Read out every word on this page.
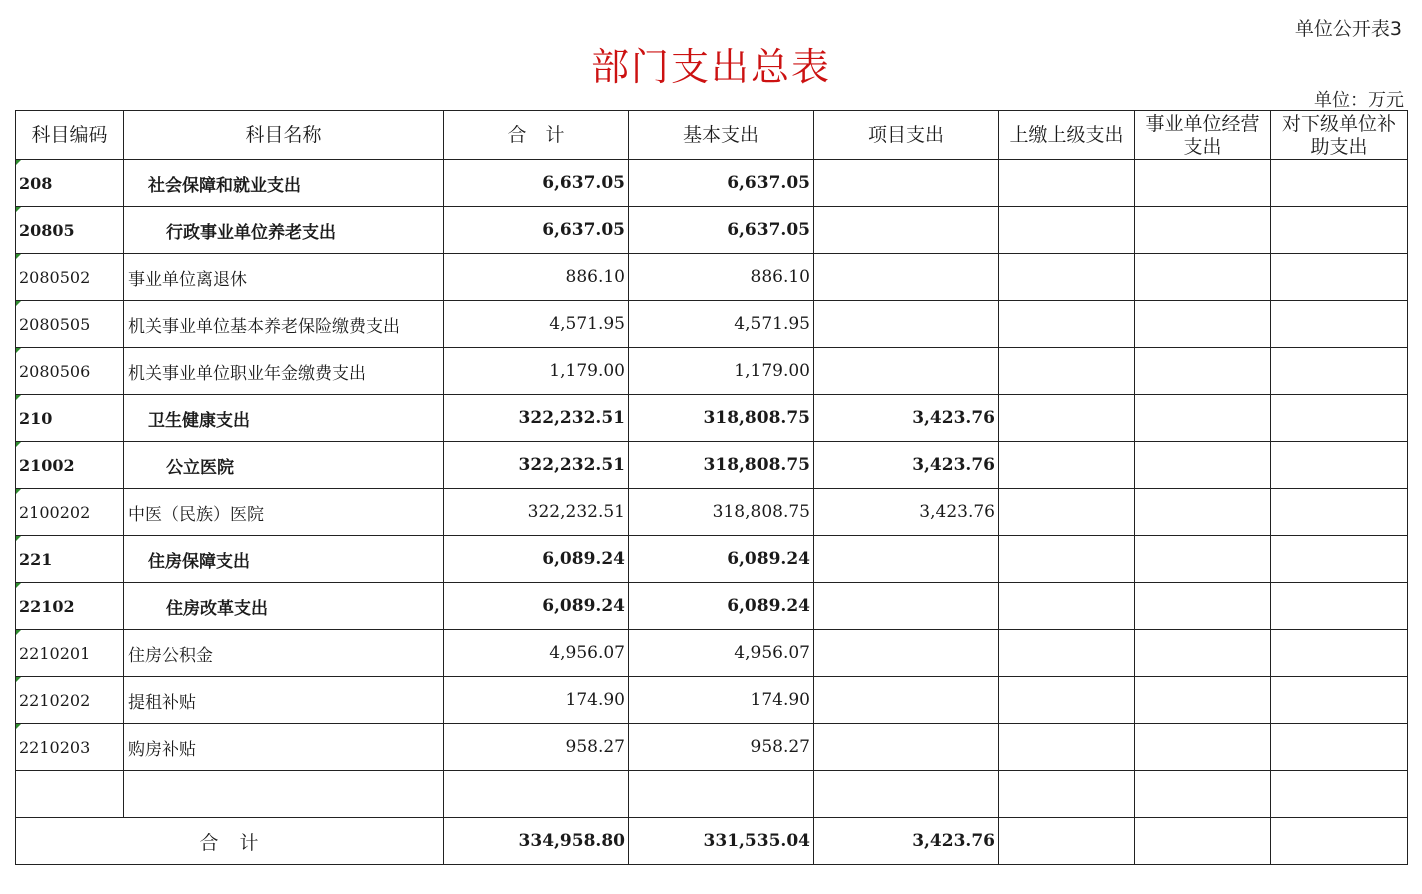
单位公开表3
部门支出总表
单位：万元
科目编码	科目名称	合　计	基本支出	项目支出	上缴上级支出	事业单位经营支出	对下级单位补助支出
208	社会保障和就业支出	6,637.05	6,637.05				
20805	行政事业单位养老支出	6,637.05	6,637.05				
2080502	事业单位离退休	886.10	886.10				
2080505	机关事业单位基本养老保险缴费支出	4,571.95	4,571.95				
2080506	机关事业单位职业年金缴费支出	1,179.00	1,179.00				
210	卫生健康支出	322,232.51	318,808.75	3,423.76			
21002	公立医院	322,232.51	318,808.75	3,423.76			
2100202	中医（民族）医院	322,232.51	318,808.75	3,423.76			
221	住房保障支出	6,089.24	6,089.24				
22102	住房改革支出	6,089.24	6,089.24				
2210201	住房公积金	4,956.07	4,956.07				
2210202	提租补贴	174.90	174.90				
2210203	购房补贴	958.27	958.27				

合　计		334,958.80	331,535.04	3,423.76			
